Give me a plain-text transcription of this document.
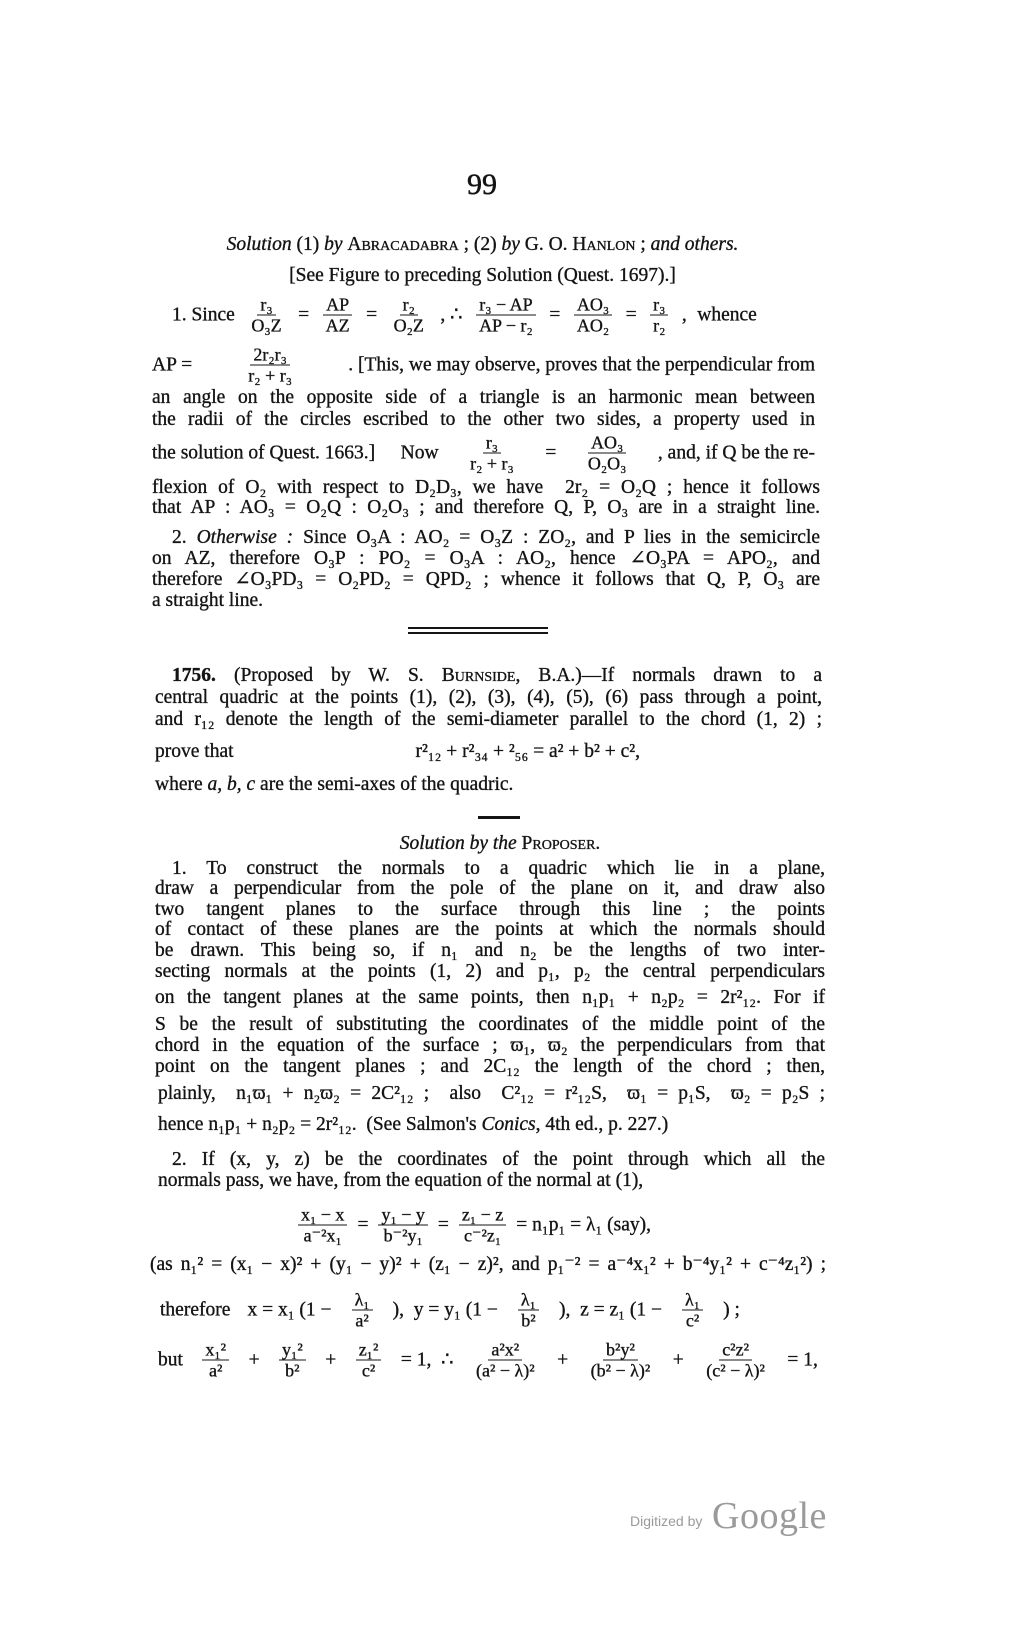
99
Solution (1) by Abracadabra ; (2) by G. O. Hanlon ; and others.
[See Figure to preceding Solution (Quest. 1697).]
1. Since $\frac{\text{r₃}}{\text{O₃Z}} = \frac{AP}{AZ} = \frac{\text{r₂}}{\text{O₂Z}}$ , ∴ $\frac{\text{r₃ − AP}}{\text{AP − r₂}} = \frac{\text{AO₃}}{\text{AO₂}} = \frac{\text{r₃}}{\text{r₂}}$ , whence
AP =	$\frac{\text{2r₂r₃}}{\text{r₂ + r₃}}$	. [This, we may observe, proves that the perpendicular from
an angle on the opposite side of a triangle is an harmonic mean between
the radii of the circles escribed to the other two sides, a property used in
the solution of Quest. 1663.] Now $\frac{\text{r₃}}{\text{r₂ + r₃}} = \frac{\text{AO₃}}{\text{O₂O₃}}$ , and, if Q be the re-
flexion of O₂ with respect to D₂D₃, we have  2r₂ = O₂Q ; hence it follows
that AP : AO₃ = O₂Q : O₂O₃ ; and therefore Q, P, O₃ are in a straight line.
2. Otherwise : Since O₃A : AO₂ = O₃Z : ZO₂, and P lies in the semicircle
on AZ, therefore O₃P : PO₂ = O₃A : AO₂, hence ∠O₃PA = APO₂, and
therefore ∠O₃PD₃ = O₂PD₂ = QPD₂ ; whence it follows that Q, P, O₃ are
a straight line.
1756. (Proposed by W. S. Burnside, B.A.)—If normals drawn to a
central quadric at the points (1), (2), (3), (4), (5), (6) pass through a point,
and r₁₂ denote the length of the semi-diameter parallel to the chord (1, 2) ;
prove that	r²₁₂ + r²₃₄ + ²₅₆ = a² + b² + c²,
where a, b, c are the semi-axes of the quadric.
Solution by the Proposer.
1. To construct the normals to a quadric which lie in a plane,
draw a perpendicular from the pole of the plane on it, and draw also
two tangent planes to the surface through this line ; the points
of contact of these planes are the points at which the normals should
be drawn. This being so, if n₁ and n₂ be the lengths of two inter-
secting normals at the points (1, 2) and p₁, p₂ the central perpendiculars
on the tangent planes at the same points, then n₁p₁ + n₂p₂ = 2r²₁₂. For if
S be the result of substituting the coordinates of the middle point of the
chord in the equation of the surface ; ϖ₁, ϖ₂ the perpendiculars from that
point on the tangent planes ; and 2C₁₂ the length of the chord ; then,
plainly,  n₁ϖ₁ + n₂ϖ₂ = 2C²₁₂ ;  also  C²₁₂ = r²₁₂S,  ϖ₁ = p₁S,  ϖ₂ = p₂S ;
hence n₁p₁ + n₂p₂ = 2r²₁₂.  (See Salmon's Conics, 4th ed., p. 227.)
2. If (x, y, z) be the coordinates of the point through which all the
normals pass, we have, from the equation of the normal at (1),
$\frac{\text{x₁ − x}}{\text{a⁻²x₁}} = \frac{\text{y₁ − y}}{\text{b⁻²y₁}} = \frac{\text{z₁ − z}}{\text{c⁻²z₁}} = n_1p_1 = \lambda_1$ (say),
(as n₁² = (x₁ − x)² + (y₁ − y)² + (z₁ − z)², and p₁⁻² = a⁻⁴x₁² + b⁻⁴y₁² + c⁻⁴z₁²) ;
therefore x = x₁ ($1 - \frac{\text{λ₁}}{\text{a²}}$ ),  y = y₁ ($1 - \frac{\text{λ₁}}{\text{b²}}$ ),  z = z₁ ($1 - \frac{\text{λ₁}}{\text{c²}}$ ) ;
but $\frac{\text{x₁²}}{\text{a²}} + \frac{\text{y₁²}}{\text{b²}} + \frac{\text{z₁²}}{\text{c²}} = 1$,  ∴ $\frac{\text{a²x²}}{\text{(a² − λ)²}} + \frac{\text{b²y²}}{\text{(b² − λ)²}} + \frac{\text{c²z²}}{\text{(c² − λ)²}} = 1$,
Digitized by Google
